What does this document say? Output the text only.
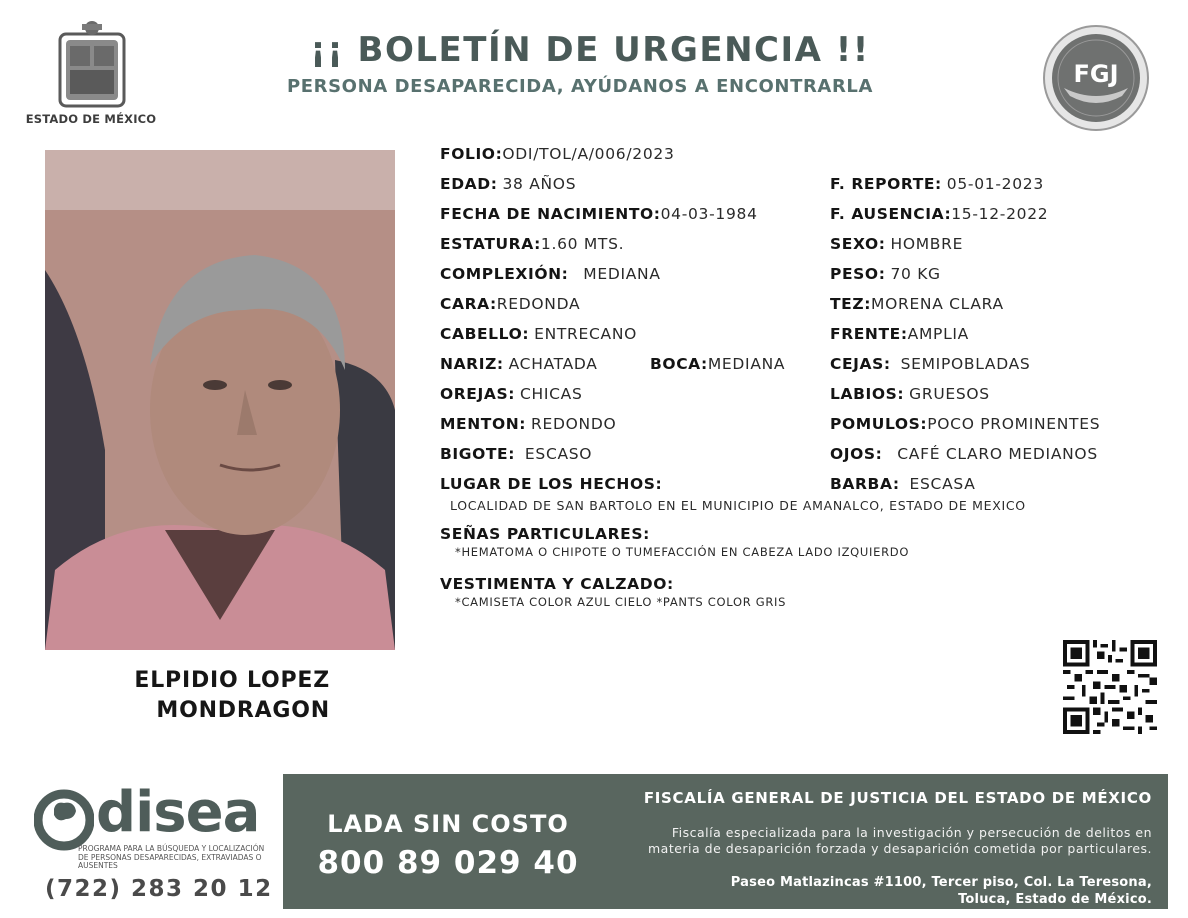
ESTADO DE MÉXICO
¡¡ BOLETÍN DE URGENCIA !!
PERSONA DESAPARECIDA, AYÚDANOS A ENCONTRARLA	FGJ
ELPIDIO LOPEZ
MONDRAGON
FOLIO:ODI/TOL/A/006/2023
EDAD: 38 AÑOS	F. REPORTE: 05-01-2023
FECHA DE NACIMIENTO:04-03-1984	F. AUSENCIA:15-12-2022
ESTATURA:1.60 MTS.	SEXO: HOMBRE
COMPLEXIÓN: MEDIANA	PESO: 70 KG
CARA:REDONDA	TEZ:MORENA CLARA
CABELLO: ENTRECANO	FRENTE:AMPLIA
NARIZ: ACHATADA	BOCA:MEDIANA	CEJAS: SEMIPOBLADAS
OREJAS: CHICAS	LABIOS: GRUESOS
MENTON: REDONDO	POMULOS:POCO PROMINENTES
BIGOTE: ESCASO	OJOS: CAFÉ CLARO MEDIANOS
LUGAR DE LOS HECHOS:	BARBA: ESCASA
LOCALIDAD DE SAN BARTOLO EN EL MUNICIPIO DE AMANALCO, ESTADO DE MEXICO
SEÑAS PARTICULARES:
*HEMATOMA O CHIPOTE O TUMEFACCIÓN EN CABEZA LADO IZQUIERDO
VESTIMENTA Y CALZADO:
*CAMISETA COLOR AZUL CIELO *PANTS COLOR GRIS
disea
PROGRAMA PARA LA BÚSQUEDA Y LOCALIZACIÓN DE PERSONAS DESAPARECIDAS, EXTRAVIADAS O AUSENTES
(722) 283 20 12
LADA SIN COSTO
800 89 029 40
FISCALÍA GENERAL DE JUSTICIA DEL ESTADO DE MÉXICO
Fiscalía especializada para la investigación y persecución de delitos en
materia de desaparición forzada y desaparición cometida por particulares.
Paseo Matlazincas #1100, Tercer piso, Col. La Teresona,
Toluca, Estado de México.
